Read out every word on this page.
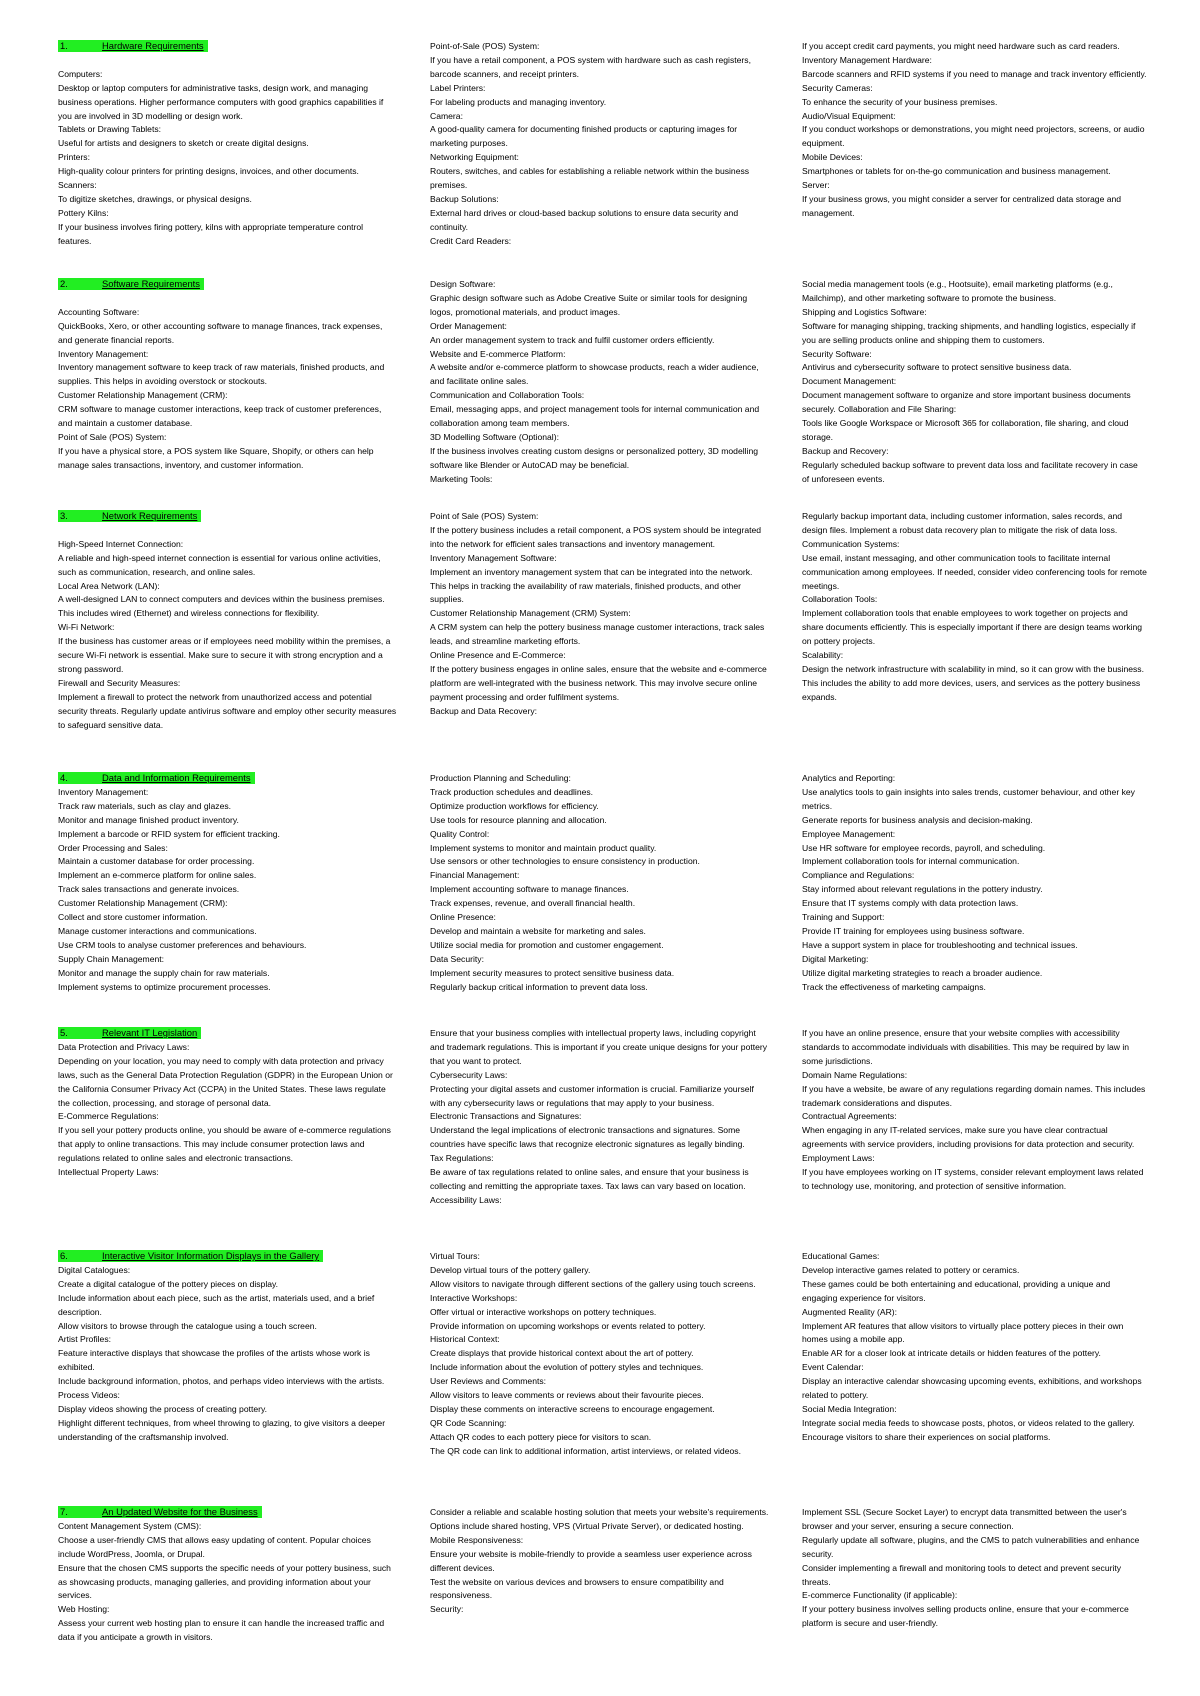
1.	Hardware Requirements
Computers:
Desktop or laptop computers for administrative tasks, design work, and managing business operations. Higher performance computers with good graphics capabilities if you are involved in 3D modelling or design work.
Tablets or Drawing Tablets:
Useful for artists and designers to sketch or create digital designs.
Printers:
High-quality colour printers for printing designs, invoices, and other documents.
Scanners:
To digitize sketches, drawings, or physical designs.
Pottery Kilns:
If your business involves firing pottery, kilns with appropriate temperature control features.
Point-of-Sale (POS) System:
If you have a retail component, a POS system with hardware such as cash registers, barcode scanners, and receipt printers.
Label Printers:
For labeling products and managing inventory.
Camera:
A good-quality camera for documenting finished products or capturing images for marketing purposes.
Networking Equipment:
Routers, switches, and cables for establishing a reliable network within the business premises.
Backup Solutions:
External hard drives or cloud-based backup solutions to ensure data security and continuity.
Credit Card Readers:
If you accept credit card payments, you might need hardware such as card readers.
Inventory Management Hardware:
Barcode scanners and RFID systems if you need to manage and track inventory efficiently.
Security Cameras:
To enhance the security of your business premises.
Audio/Visual Equipment:
If you conduct workshops or demonstrations, you might need projectors, screens, or audio equipment.
Mobile Devices:
Smartphones or tablets for on-the-go communication and business management.
Server:
If your business grows, you might consider a server for centralized data storage and management.
2.	Software Requirements
Accounting Software:
QuickBooks, Xero, or other accounting software to manage finances, track expenses, and generate financial reports.
Inventory Management:
Inventory management software to keep track of raw materials, finished products, and supplies. This helps in avoiding overstock or stockouts.
Customer Relationship Management (CRM):
CRM software to manage customer interactions, keep track of customer preferences, and maintain a customer database.
Point of Sale (POS) System:
If you have a physical store, a POS system like Square, Shopify, or others can help manage sales transactions, inventory, and customer information.
Design Software:
Graphic design software such as Adobe Creative Suite or similar tools for designing logos, promotional materials, and product images.
Order Management:
An order management system to track and fulfil customer orders efficiently.
Website and E-commerce Platform:
A website and/or e-commerce platform to showcase products, reach a wider audience, and facilitate online sales.
Communication and Collaboration Tools:
Email, messaging apps, and project management tools for internal communication and collaboration among team members.
3D Modelling Software (Optional):
If the business involves creating custom designs or personalized pottery, 3D modelling software like Blender or AutoCAD may be beneficial.
Marketing Tools:
Social media management tools (e.g., Hootsuite), email marketing platforms (e.g., Mailchimp), and other marketing software to promote the business.
Shipping and Logistics Software:
Software for managing shipping, tracking shipments, and handling logistics, especially if you are selling products online and shipping them to customers.
Security Software:
Antivirus and cybersecurity software to protect sensitive business data.
Document Management:
Document management software to organize and store important business documents securely. Collaboration and File Sharing:
Tools like Google Workspace or Microsoft 365 for collaboration, file sharing, and cloud storage.
Backup and Recovery:
Regularly scheduled backup software to prevent data loss and facilitate recovery in case of unforeseen events.
3.	Network Requirements
High-Speed Internet Connection:
A reliable and high-speed internet connection is essential for various online activities, such as communication, research, and online sales.
Local Area Network (LAN):
A well-designed LAN to connect computers and devices within the business premises. This includes wired (Ethernet) and wireless connections for flexibility.
Wi-Fi Network:
If the business has customer areas or if employees need mobility within the premises, a secure Wi-Fi network is essential. Make sure to secure it with strong encryption and a strong password.
Firewall and Security Measures:
Implement a firewall to protect the network from unauthorized access and potential security threats. Regularly update antivirus software and employ other security measures to safeguard sensitive data.
Point of Sale (POS) System:
If the pottery business includes a retail component, a POS system should be integrated into the network for efficient sales transactions and inventory management.
Inventory Management Software:
Implement an inventory management system that can be integrated into the network. This helps in tracking the availability of raw materials, finished products, and other supplies.
Customer Relationship Management (CRM) System:
A CRM system can help the pottery business manage customer interactions, track sales leads, and streamline marketing efforts.
Online Presence and E-Commerce:
If the pottery business engages in online sales, ensure that the website and e-commerce platform are well-integrated with the business network. This may involve secure online payment processing and order fulfilment systems.
Backup and Data Recovery:
Regularly backup important data, including customer information, sales records, and design files. Implement a robust data recovery plan to mitigate the risk of data loss.
Communication Systems:
Use email, instant messaging, and other communication tools to facilitate internal communication among employees. If needed, consider video conferencing tools for remote meetings.
Collaboration Tools:
Implement collaboration tools that enable employees to work together on projects and share documents efficiently. This is especially important if there are design teams working on pottery projects.
Scalability:
Design the network infrastructure with scalability in mind, so it can grow with the business. This includes the ability to add more devices, users, and services as the pottery business expands.
4.	Data and Information Requirements
Inventory Management:
Track raw materials, such as clay and glazes.
Monitor and manage finished product inventory.
Implement a barcode or RFID system for efficient tracking.
Order Processing and Sales:
Maintain a customer database for order processing.
Implement an e-commerce platform for online sales.
Track sales transactions and generate invoices.
Customer Relationship Management (CRM):
Collect and store customer information.
Manage customer interactions and communications.
Use CRM tools to analyse customer preferences and behaviours.
Supply Chain Management:
Monitor and manage the supply chain for raw materials.
Implement systems to optimize procurement processes.
Production Planning and Scheduling:
Track production schedules and deadlines.
Optimize production workflows for efficiency.
Use tools for resource planning and allocation.
Quality Control:
Implement systems to monitor and maintain product quality.
Use sensors or other technologies to ensure consistency in production.
Financial Management:
Implement accounting software to manage finances.
Track expenses, revenue, and overall financial health.
Online Presence:
Develop and maintain a website for marketing and sales.
Utilize social media for promotion and customer engagement.
Data Security:
Implement security measures to protect sensitive business data.
Regularly backup critical information to prevent data loss.
Analytics and Reporting:
Use analytics tools to gain insights into sales trends, customer behaviour, and other key metrics.
Generate reports for business analysis and decision-making.
Employee Management:
Use HR software for employee records, payroll, and scheduling.
Implement collaboration tools for internal communication.
Compliance and Regulations:
Stay informed about relevant regulations in the pottery industry.
Ensure that IT systems comply with data protection laws.
Training and Support:
Provide IT training for employees using business software.
Have a support system in place for troubleshooting and technical issues.
Digital Marketing:
Utilize digital marketing strategies to reach a broader audience.
Track the effectiveness of marketing campaigns.
5.	Relevant IT Legislation
Data Protection and Privacy Laws:
Depending on your location, you may need to comply with data protection and privacy laws, such as the General Data Protection Regulation (GDPR) in the European Union or the California Consumer Privacy Act (CCPA) in the United States. These laws regulate the collection, processing, and storage of personal data.
E-Commerce Regulations:
If you sell your pottery products online, you should be aware of e-commerce regulations that apply to online transactions. This may include consumer protection laws and regulations related to online sales and electronic transactions.
Intellectual Property Laws:
Ensure that your business complies with intellectual property laws, including copyright and trademark regulations. This is important if you create unique designs for your pottery that you want to protect.
Cybersecurity Laws:
Protecting your digital assets and customer information is crucial. Familiarize yourself with any cybersecurity laws or regulations that may apply to your business.
Electronic Transactions and Signatures:
Understand the legal implications of electronic transactions and signatures. Some countries have specific laws that recognize electronic signatures as legally binding.
Tax Regulations:
Be aware of tax regulations related to online sales, and ensure that your business is collecting and remitting the appropriate taxes. Tax laws can vary based on location.
Accessibility Laws:
If you have an online presence, ensure that your website complies with accessibility standards to accommodate individuals with disabilities. This may be required by law in some jurisdictions.
Domain Name Regulations:
If you have a website, be aware of any regulations regarding domain names. This includes trademark considerations and disputes.
Contractual Agreements:
When engaging in any IT-related services, make sure you have clear contractual agreements with service providers, including provisions for data protection and security.
Employment Laws:
If you have employees working on IT systems, consider relevant employment laws related to technology use, monitoring, and protection of sensitive information.
6.	Interactive Visitor Information Displays in the Gallery
Digital Catalogues:
Create a digital catalogue of the pottery pieces on display.
Include information about each piece, such as the artist, materials used, and a brief description.
Allow visitors to browse through the catalogue using a touch screen.
Artist Profiles:
Feature interactive displays that showcase the profiles of the artists whose work is exhibited.
Include background information, photos, and perhaps video interviews with the artists.
Process Videos:
Display videos showing the process of creating pottery.
Highlight different techniques, from wheel throwing to glazing, to give visitors a deeper understanding of the craftsmanship involved.
Virtual Tours:
Develop virtual tours of the pottery gallery.
Allow visitors to navigate through different sections of the gallery using touch screens.
Interactive Workshops:
Offer virtual or interactive workshops on pottery techniques.
Provide information on upcoming workshops or events related to pottery.
Historical Context:
Create displays that provide historical context about the art of pottery.
Include information about the evolution of pottery styles and techniques.
User Reviews and Comments:
Allow visitors to leave comments or reviews about their favourite pieces.
Display these comments on interactive screens to encourage engagement.
QR Code Scanning:
Attach QR codes to each pottery piece for visitors to scan.
The QR code can link to additional information, artist interviews, or related videos.
Educational Games:
Develop interactive games related to pottery or ceramics.
These games could be both entertaining and educational, providing a unique and engaging experience for visitors.
Augmented Reality (AR):
Implement AR features that allow visitors to virtually place pottery pieces in their own homes using a mobile app.
Enable AR for a closer look at intricate details or hidden features of the pottery.
Event Calendar:
Display an interactive calendar showcasing upcoming events, exhibitions, and workshops related to pottery.
Social Media Integration:
Integrate social media feeds to showcase posts, photos, or videos related to the gallery.
Encourage visitors to share their experiences on social platforms.
7.	An Updated Website for the Business
Content Management System (CMS):
Choose a user-friendly CMS that allows easy updating of content. Popular choices include WordPress, Joomla, or Drupal.
Ensure that the chosen CMS supports the specific needs of your pottery business, such as showcasing products, managing galleries, and providing information about your services.
Web Hosting:
Assess your current web hosting plan to ensure it can handle the increased traffic and data if you anticipate a growth in visitors.
Consider a reliable and scalable hosting solution that meets your website's requirements. Options include shared hosting, VPS (Virtual Private Server), or dedicated hosting.
Mobile Responsiveness:
Ensure your website is mobile-friendly to provide a seamless user experience across different devices.
Test the website on various devices and browsers to ensure compatibility and responsiveness.
Security:
Implement SSL (Secure Socket Layer) to encrypt data transmitted between the user's browser and your server, ensuring a secure connection.
Regularly update all software, plugins, and the CMS to patch vulnerabilities and enhance security.
Consider implementing a firewall and monitoring tools to detect and prevent security threats.
E-commerce Functionality (if applicable):
If your pottery business involves selling products online, ensure that your e-commerce platform is secure and user-friendly.
